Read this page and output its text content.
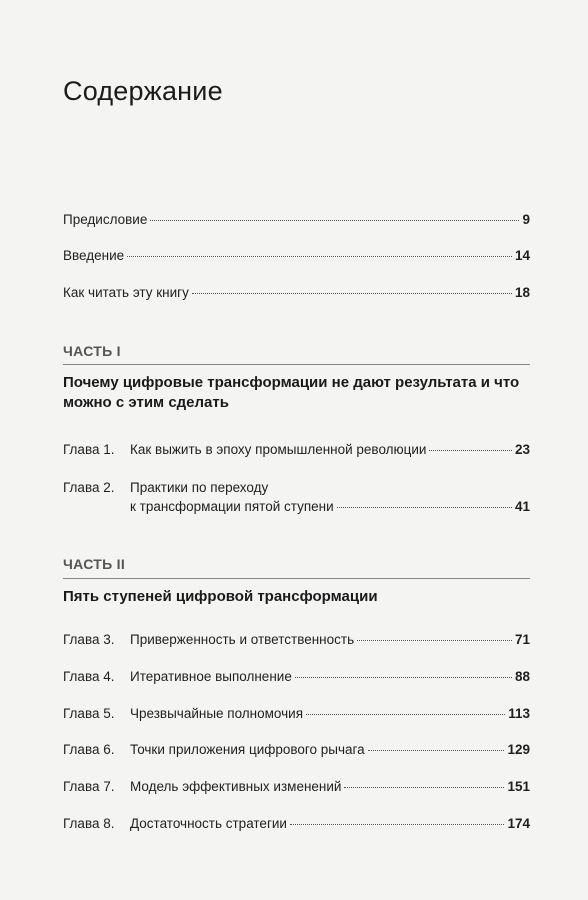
Содержание
Предисловие	9
Введение	14
Как читать эту книгу	18
ЧАСТЬ I
Почему цифровые трансформации не дают результата и что можно с этим сделать
Глава 1.	Как выжить в эпоху промышленной революции	23
Глава 2.	Практики по переходу
к трансформации пятой ступени	41
ЧАСТЬ II
Пять ступеней цифровой трансформации
Глава 3.	Приверженность и ответственность	71
Глава 4.	Итеративное выполнение	88
Глава 5.	Чрезвычайные полномочия	113
Глава 6.	Точки приложения цифрового рычага	129
Глава 7.	Модель эффективных изменений	151
Глава 8.	Достаточность стратегии	174
